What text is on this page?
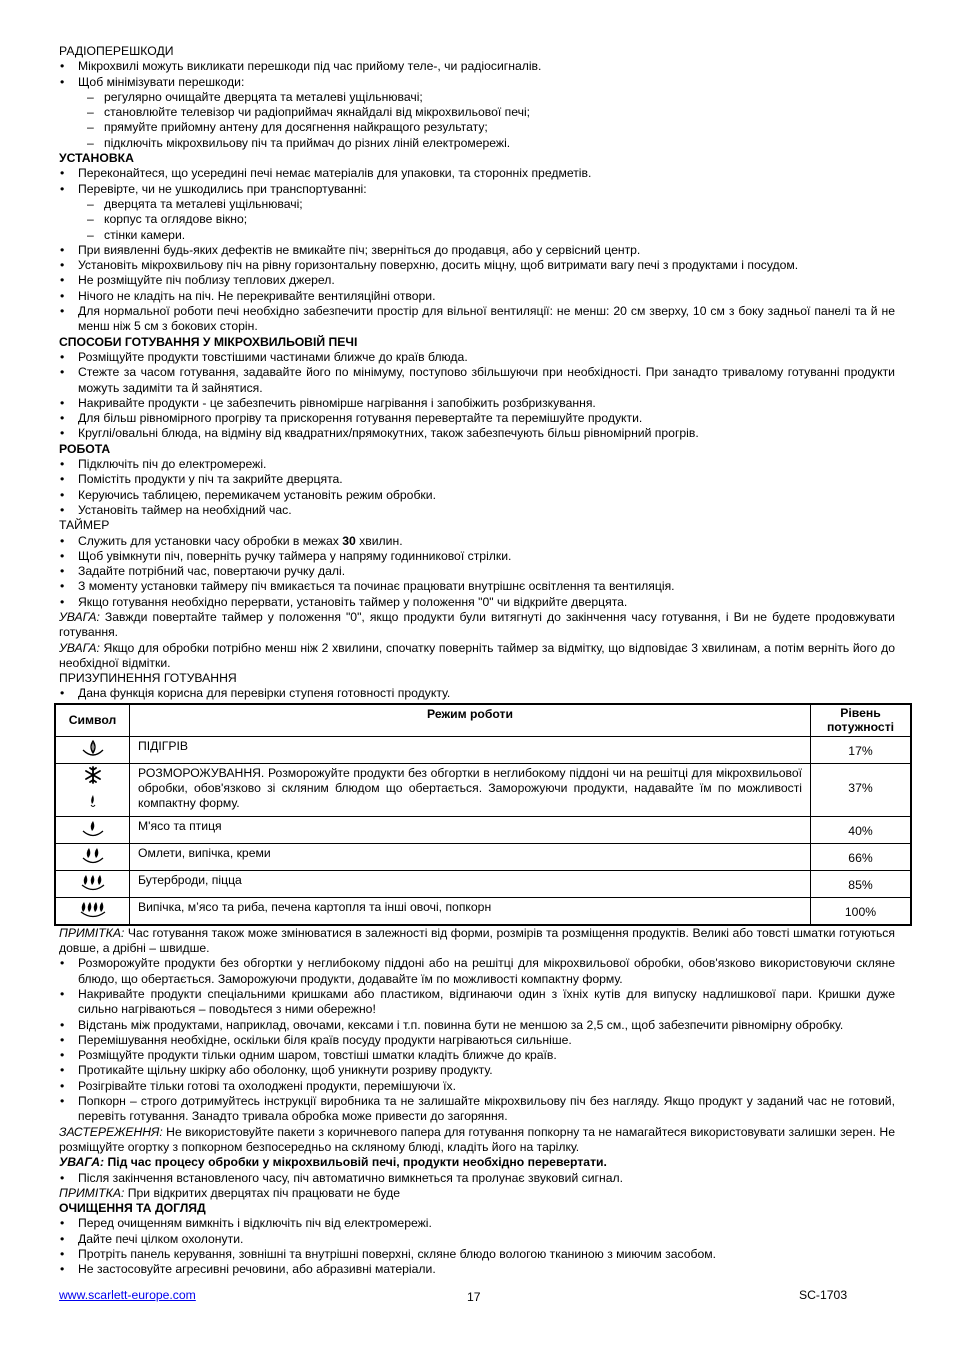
РАДІОПЕРЕШКОДИ
• Мікрохвилі можуть викликати перешкоди під час прийому теле-, чи радіосигналів.
• Щоб мінімізувати перешкоди:
– регулярно очищайте дверцята та металеві ущільнювачі;
– становлюйте телевізор чи радіоприймач якнайдалі від мікрохвильової печі;
– прямуйте прийомну антену для досягнення найкращого результату;
– підключіть мікрохвильову піч та приймач до різних ліній електромережі.
УСТАНОВКА
• Переконайтеся, що усередині печі немає матеріалів для упаковки, та сторонніх предметів.
• Перевірте, чи не ушкодились при транспортуванні:
– дверцята та металеві ущільнювачі;
– корпус та оглядове вікно;
– стінки камери.
• При виявленні будь-яких дефектів не вмикайте піч; зверніться до продавця, або у сервісний центр.
• Установіть мікрохвильову піч на рівну горизонтальну поверхню, досить міцну, щоб витримати вагу печі з продуктами і посудом.
• Не розміщуйте піч поблизу теплових джерел.
• Нічого не кладіть на піч. Не перекривайте вентиляційні отвори.
• Для нормальної роботи печі необхідно забезпечити простір для вільної вентиляції: не менш: 20 см зверху, 10 см з боку задньої панелі та й не менш ніж 5 см з бокових сторін.
СПОСОБИ ГОТУВАННЯ У МІКРОХВИЛЬОВІЙ ПЕЧІ
• Розміщуйте продукти товстішими частинами ближче до країв блюда.
• Стежте за часом готування, задавайте його по мінімуму, поступово збільшуючи при необхідності. При занадто тривалому готуванні продукти можуть задиміти та й зайнятися.
• Накривайте продукти - це забезпечить рівномірше нагрівання і запобіжить розбризкування.
• Для більш рівномірного прогріву та прискорення готування перевертайте та перемішуйте продукти.
• Круглі/овальні блюда, на відміну від квадратних/прямокутних, також забезпечують більш рівномірний прогрів.
РОБОТА
• Підключіть піч до електромережі.
• Помістіть продукти у піч та закрийте дверцята.
• Керуючись таблицею, перемикачем установіть режим обробки.
• Установіть таймер на необхідний час.
ТАЙМЕР
• Служить для установки часу обробки в межах 30 хвилин.
• Щоб увімкнути піч, поверніть ручку таймера у напряму годинникової стрілки.
• Задайте потрібний час, повертаючи ручку далі.
• З моменту установки таймеру піч вмикається та починає працювати внутрішнє освітлення та вентиляція.
• Якщо готування необхідно перервати, установіть таймер у положення "0" чи відкрийте дверцята.

УВАГА: Завжди повертайте таймер у положення "0", якщо продукти були витягнуті до закінчення часу готування, і Ви не будете продовжувати готування.

УВАГА: Якщо для обробки потрібно менш ніж 2 хвилини, спочатку поверніть таймер за відмітку, що відповідає 3 хвилинам, а потім верніть його до необхідної відмітки.

ПРИЗУПИНЕННЯ ГОТУВАННЯ
• Дана функція корисна для перевірки ступеня готовності продукту.
Символ	Режим роботи	Рівень потужності
	ПІДІГРІВ	17%
	РОЗМОРОЖУВАННЯ. Розморожуйте продукти без обгортки в неглибокому піддоні чи на решітці для мікрохвильової обробки, обов'язково зі скляним блюдом що обертається. Заморожуючи продукти, надавайте їм по можливості компактну форму.	37%
	М'ясо та птиця	40%
	Омлети, випічка, креми	66%
	Бутерброди, піцца	85%
	Випічка, м’ясо та риба, печена картопля та інші овочі, попкорн	100%

ПРИМІТКА: Час готування також може змінюватися в залежності від форми, розмірів та розміщення продуктів. Великі або товсті шматки готуються довше, а дрібні – швидше.

• Розморожуйте продукти без обгортки у неглибокому піддоні або на решітці для мікрохвильової обробки, обов'язково використовуючи скляне блюдо, що обертається. Заморожуючи продукти, додавайте їм по можливості компактну форму.
• Накривайте продукти спеціальними кришками або пластиком, відгинаючи один з їхніх кутів для випуску надлишкової пари. Кришки дуже сильно нагріваються – поводьтеся з ними обережно!
• Відстань між продуктами, наприклад, овочами, кексами і т.п. повинна бути не меншою за 2,5 см., щоб забезпечити рівномірну обробку.
• Перемішування необхідне, оскільки біля країв посуду продукти нагріваються сильніше.
• Розміщуйте продукти тільки одним шаром, товстіші шматки кладіть ближче до країв.
• Протикайте щільну шкірку або оболонку, щоб уникнути розриву продукту.
• Розігрівайте тільки готові та охолоджені продукти, перемішуючи їх.
• Попкорн – строго дотримуйтесь інструкції виробника та не залишайте мікрохвильову піч без нагляду. Якщо продукт у заданий час не готовий, перевіть готування. Занадто тривала обробка може привести до загоряння.

ЗАСТЕРЕЖЕННЯ: Не використовуйте пакети з коричневого папера для готування попкорну та не намагайтеся використовувати залишки зерен. Не розміщуйте огортку з попкорном безпосередньо на скляному блюді, кладіть його на тарілку.

УВАГА: Під час процесу обробки у мікрохвильовій печі, продукти необхідно перевертати.

• Після закінчення встановленого часу, піч автоматично вимкнеться та пролунає звуковий сигнал.

ПРИМІТКА: При відкритих дверцятах піч працювати не буде

ОЧИЩЕННЯ ТА ДОГЛЯД
• Перед очищенням вимкніть і відключіть піч від електромережі.
• Дайте печі цілком охолонути.
• Протріть панель керування, зовнішні та внутрішні поверхні, скляне блюдо вологою тканиною з миючим засобом.
• Не застосовуйте агресивні речовини, або абразивні матеріали.
www.scarlett-europe.com	17	SC-1703
